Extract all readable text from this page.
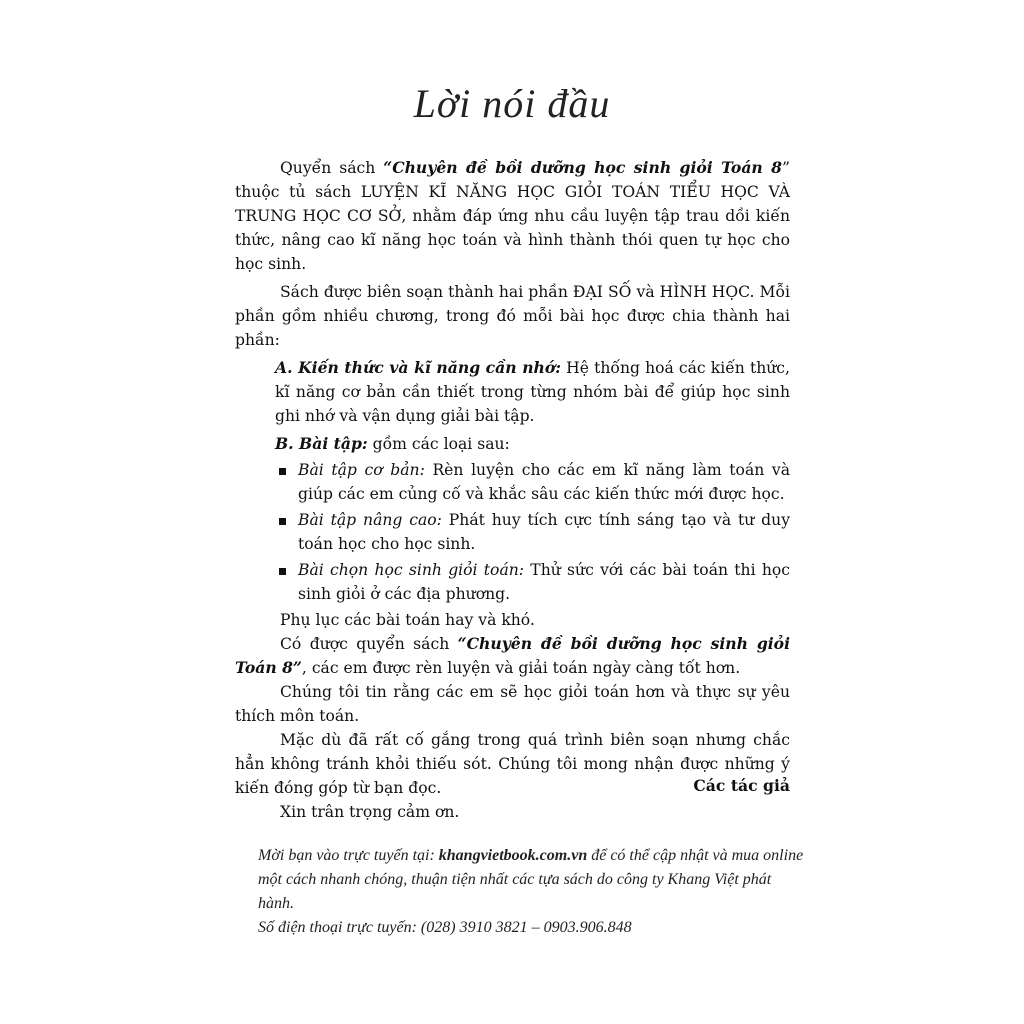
Lời nói đầu

Quyển sách “Chuyên đề bồi dưỡng học sinh giỏi Toán 8” thuộc tủ sách LUYỆN KĨ NĂNG HỌC GIỎI TOÁN TIỂU HỌC VÀ TRUNG HỌC CƠ SỞ, nhằm đáp ứng nhu cầu luyện tập trau dồi kiến thức, nâng cao kĩ năng học toán và hình thành thói quen tự học cho học sinh.

Sách được biên soạn thành hai phần ĐẠI SỐ và HÌNH HỌC. Mỗi phần gồm nhiều chương, trong đó mỗi bài học được chia thành hai phần:

A. Kiến thức và kĩ năng cần nhớ: Hệ thống hoá các kiến thức, kĩ năng cơ bản cần thiết trong từng nhóm bài để giúp học sinh ghi nhớ và vận dụng giải bài tập.

B. Bài tập: gồm các loại sau:

Bài tập cơ bản: Rèn luyện cho các em kĩ năng làm toán và giúp các em củng cố và khắc sâu các kiến thức mới được học.
Bài tập nâng cao: Phát huy tích cực tính sáng tạo và tư duy toán học cho học sinh.
Bài chọn học sinh giỏi toán: Thử sức với các bài toán thi học sinh giỏi ở các địa phương.

Phụ lục các bài toán hay và khó.

Có được quyển sách “Chuyên đề bồi dưỡng học sinh giỏi Toán 8”, các em được rèn luyện và giải toán ngày càng tốt hơn.

Chúng tôi tin rằng các em sẽ học giỏi toán hơn và thực sự yêu thích môn toán.

Mặc dù đã rất cố gắng trong quá trình biên soạn nhưng chắc hẳn không tránh khỏi thiếu sót. Chúng tôi mong nhận được những ý kiến đóng góp từ bạn đọc.

Xin trân trọng cảm ơn.

Các tác giả

Mời bạn vào trực tuyến tại: khangvietbook.com.vn để có thể cập nhật và mua online một cách nhanh chóng, thuận tiện nhất các tựa sách do công ty Khang Việt phát hành.

Số điện thoại trực tuyến: (028) 3910 3821 – 0903.906.848
